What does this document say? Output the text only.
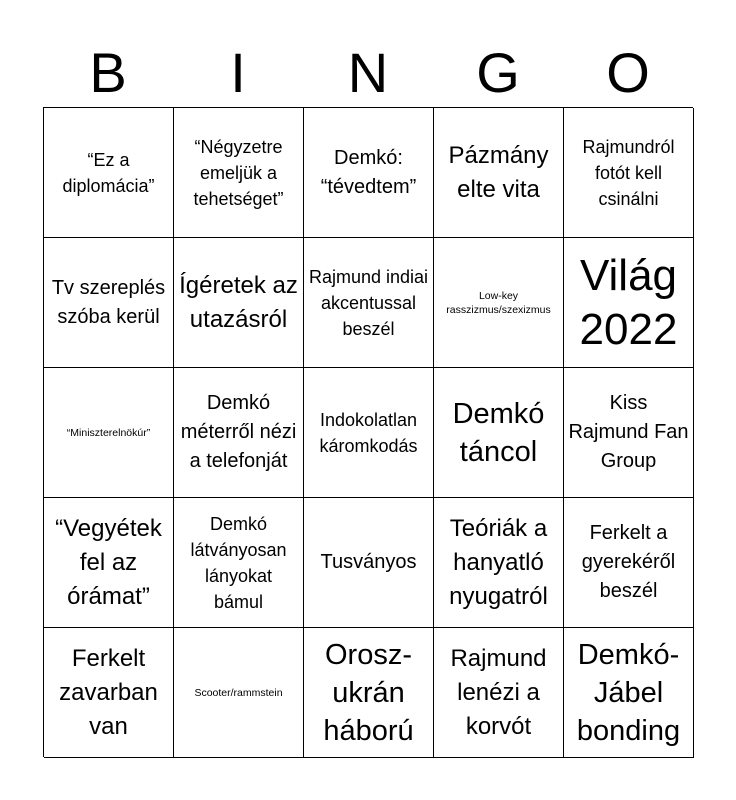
B	I	N	G	O
“Ez a diplomácia”
“Négyzetre emeljük a tehetséget”
Demkó: “tévedtem”
Pázmány elte vita
Rajmundról fotót kell csinálni
Tv szereplés szóba kerül
Ígéretek az utazásról
Rajmund indiai akcentussal beszél
Low-key rasszizmus/szexizmus
Világ 2022
“Miniszterelnökúr”
Demkó méterről nézi a telefonját
Indokolatlan káromkodás
Demkó táncol
Kiss Rajmund Fan Group
“Vegyétek fel az órámat”
Demkó látványosan lányokat bámul
Tusványos
Teóriák a hanyatló nyugatról
Ferkelt a gyerekéről beszél
Ferkelt zavarban van
Scooter/rammstein
Orosz-ukrán háború
Rajmund lenézi a korvót
Demkó-Jábel bonding
